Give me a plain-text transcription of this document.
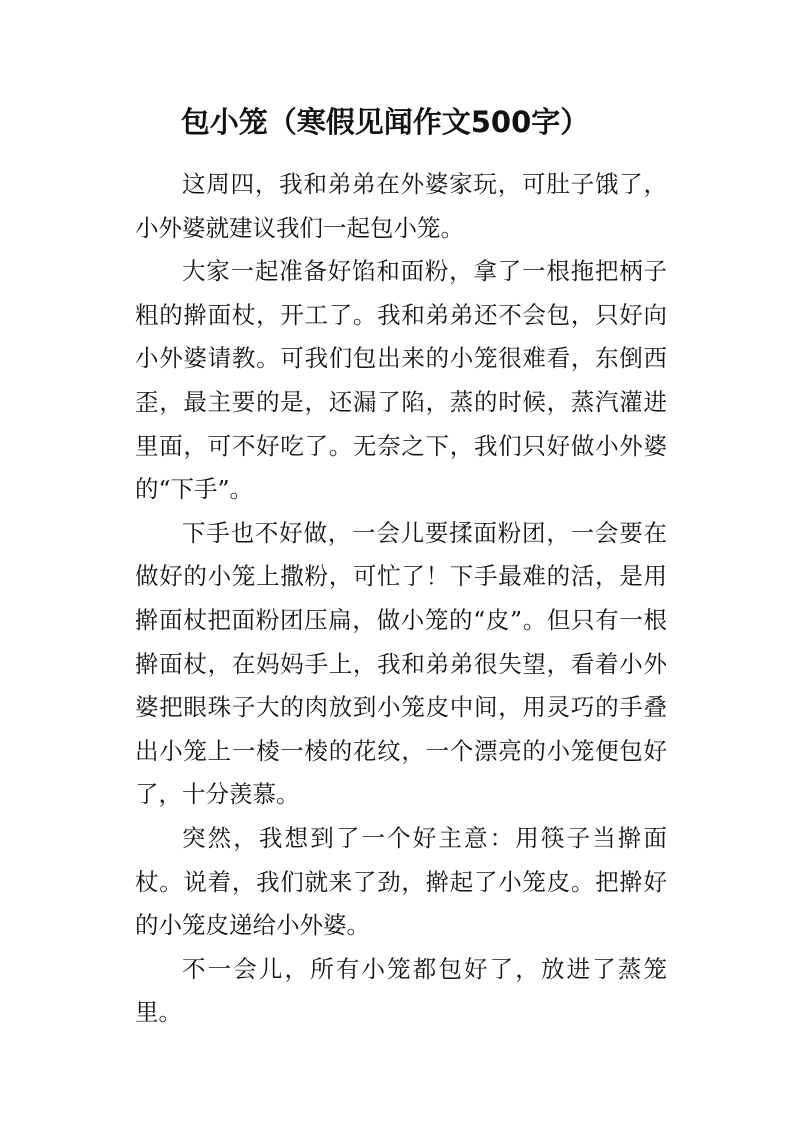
包小笼（寒假见闻作文500字）

这周四，我和弟弟在外婆家玩，可肚子饿了，小外婆就建议我们一起包小笼。

大家一起准备好馅和面粉，拿了一根拖把柄子粗的擀面杖，开工了。我和弟弟还不会包，只好向小外婆请教。可我们包出来的小笼很难看，东倒西歪，最主要的是，还漏了陷，蒸的时候，蒸汽灌进里面，可不好吃了。无奈之下，我们只好做小外婆的“下手”。

下手也不好做，一会儿要揉面粉团，一会要在做好的小笼上撒粉，可忙了！下手最难的活，是用擀面杖把面粉团压扁，做小笼的“皮”。但只有一根擀面杖，在妈妈手上，我和弟弟很失望，看着小外婆把眼珠子大的肉放到小笼皮中间，用灵巧的手叠出小笼上一棱一棱的花纹，一个漂亮的小笼便包好了，十分羡慕。

突然，我想到了一个好主意：用筷子当擀面杖。说着，我们就来了劲，擀起了小笼皮。把擀好的小笼皮递给小外婆。

不一会儿，所有小笼都包好了，放进了蒸笼里。
